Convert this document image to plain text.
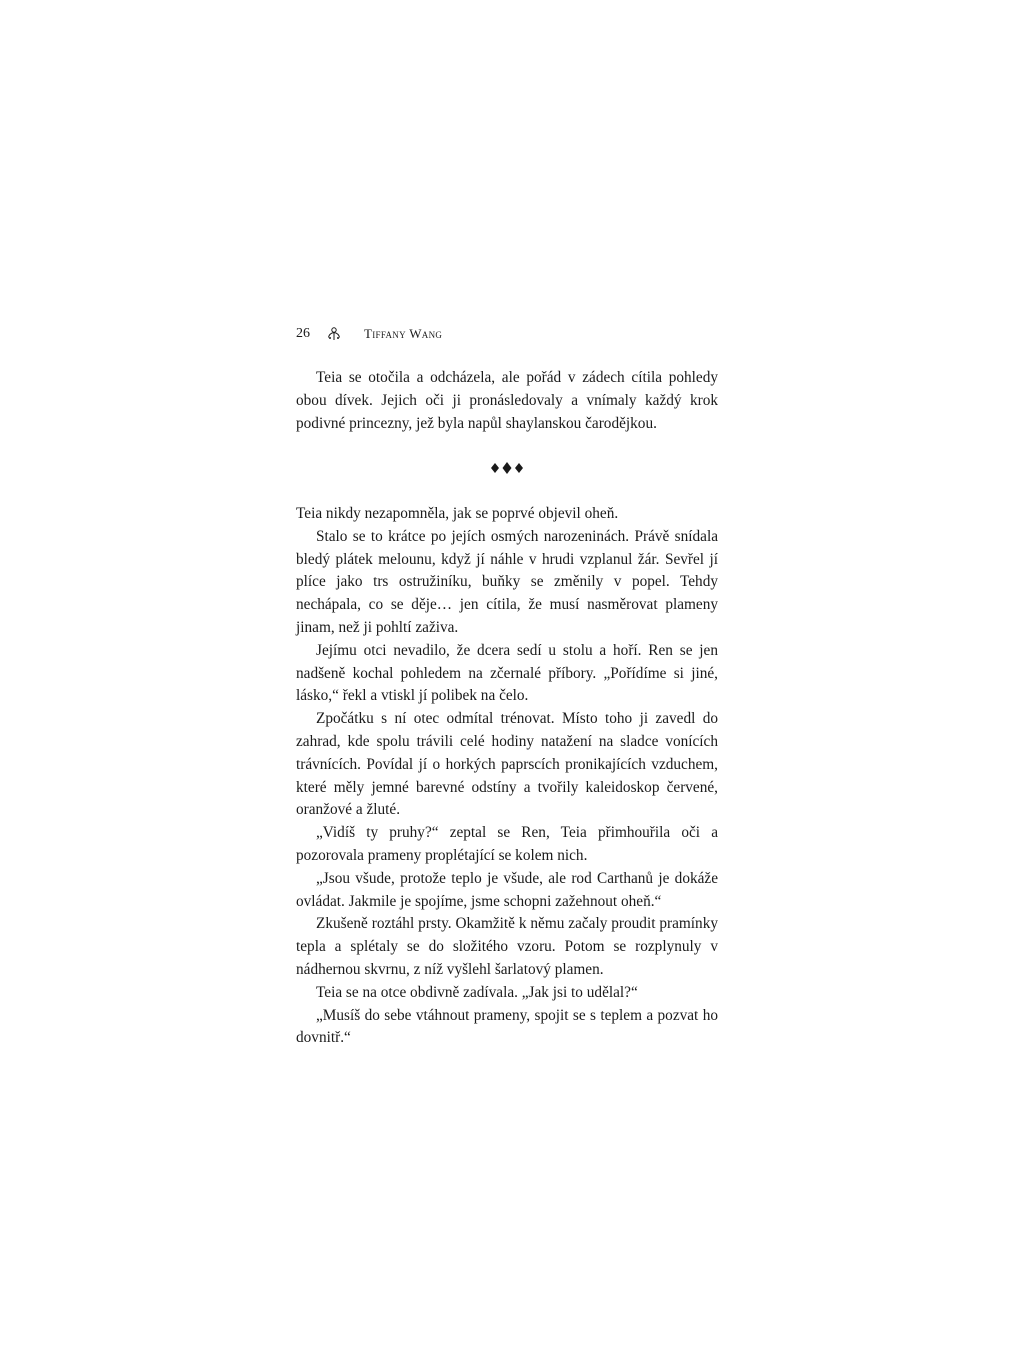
26	Tiffany Wang

Teia se otočila a odcházela, ale pořád v zádech cítila pohledy obou dívek. Jejich oči ji pronásledovaly a vnímaly každý krok podivné princezny, jež byla napůl shaylanskou čarodějkou.

Teia nikdy nezapomněla, jak se poprvé objevil oheň.

Stalo se to krátce po jejích osmých narozeninách. Právě snídala bledý plátek melounu, když jí náhle v hrudi vzplanul žár. Sevřel jí plíce jako trs ostružiníku, buňky se změnily v popel. Tehdy nechápala, co se děje… jen cítila, že musí nasměrovat plameny jinam, než ji pohltí zaživa.

Jejímu otci nevadilo, že dcera sedí u stolu a hoří. Ren se jen nadšeně kochal pohledem na zčernalé příbory. „Pořídíme si jiné, lásko,“ řekl a vtiskl jí polibek na čelo.

Zpočátku s ní otec odmítal trénovat. Místo toho ji zavedl do zahrad, kde spolu trávili celé hodiny natažení na sladce vonících trávnících. Povídal jí o horkých paprscích pronikajících vzduchem, které měly jemné barevné odstíny a tvořily kaleidoskop červené, oranžové a žluté.

„Vidíš ty pruhy?“ zeptal se Ren, Teia přimhouřila oči a pozorovala prameny proplétající se kolem nich.

„Jsou všude, protože teplo je všude, ale rod Carthanů je dokáže ovládat. Jakmile je spojíme, jsme schopni zažehnout oheň.“

Zkušeně roztáhl prsty. Okamžitě k němu začaly proudit pramínky tepla a splétaly se do složitého vzoru. Potom se rozplynuly v nádhernou skvrnu, z níž vyšlehl šarlatový plamen.

Teia se na otce obdivně zadívala. „Jak jsi to udělal?“

„Musíš do sebe vtáhnout prameny, spojit se s teplem a pozvat ho dovnitř.“
